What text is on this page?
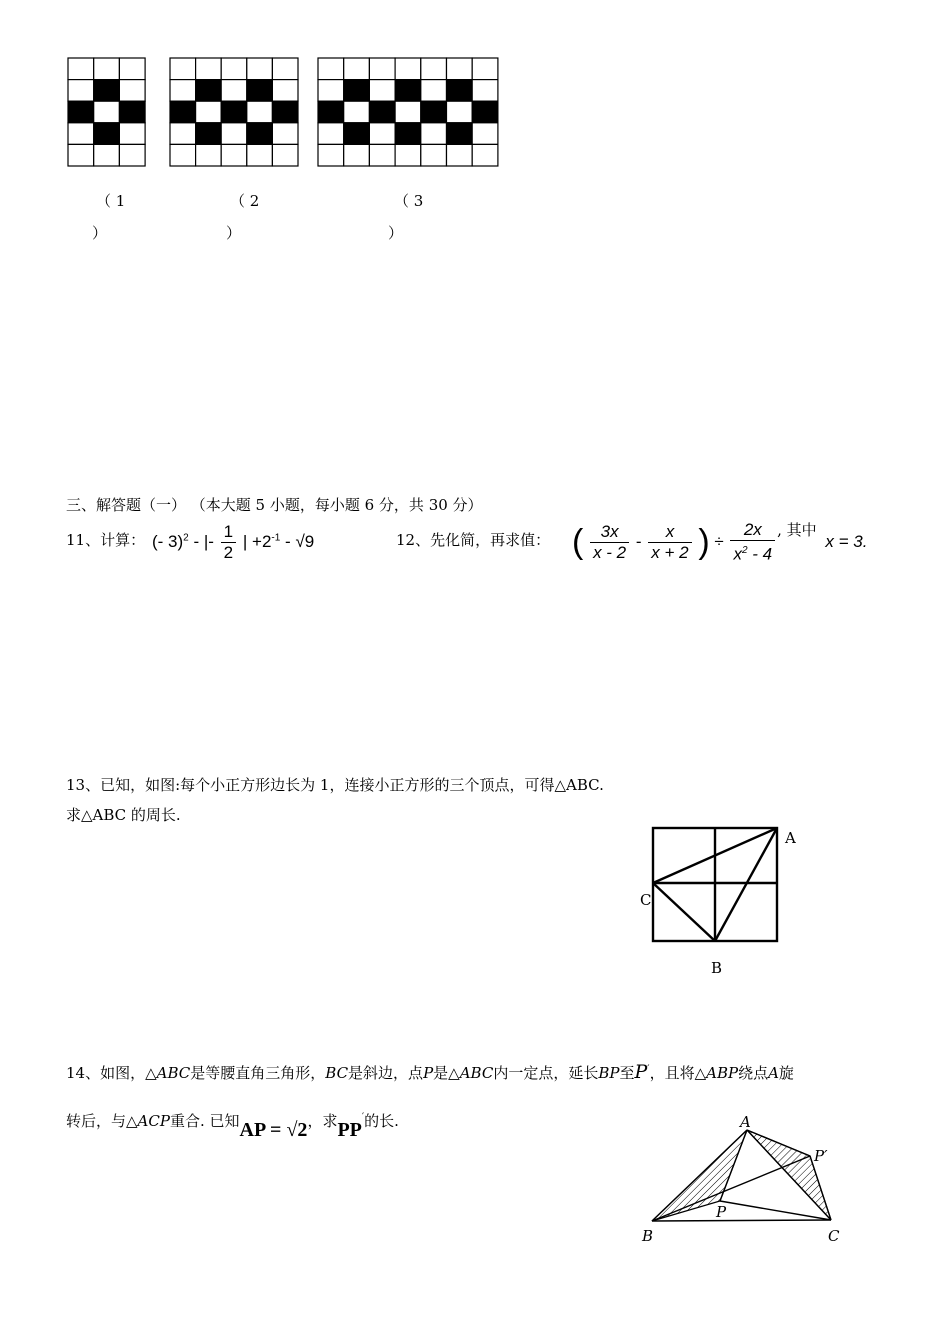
（ 1
）
（ 2
）
（ 3
）
三、解答题（一） （本大题 5 小题，每小题 6 分，共 30 分）
11、计算： (- 3)$^2$ - |- $\frac{1}{2}$ | $+2^{-1} - √9$	12、先化简，再求值： ( $\frac{3x}{x - 2} - \frac{x}{x + 2}$ ) ÷ $\frac{2x}{x^2 - 4}$ , 其中 x = 3.
13、已知，如图:每个小正方形边长为 1，连接小正方形的三个顶点，可得△ABC.
求△ABC 的周长.
A
C
B
14、如图，△ABC是等腰直角三角形，BC是斜边，点P是△ABC内一定点，延长BP至P′，且将△ABP绕点A旋
转后，与△ACP重合. 已知AP = √2，求PP′的长.	A
B	C
P
P′
